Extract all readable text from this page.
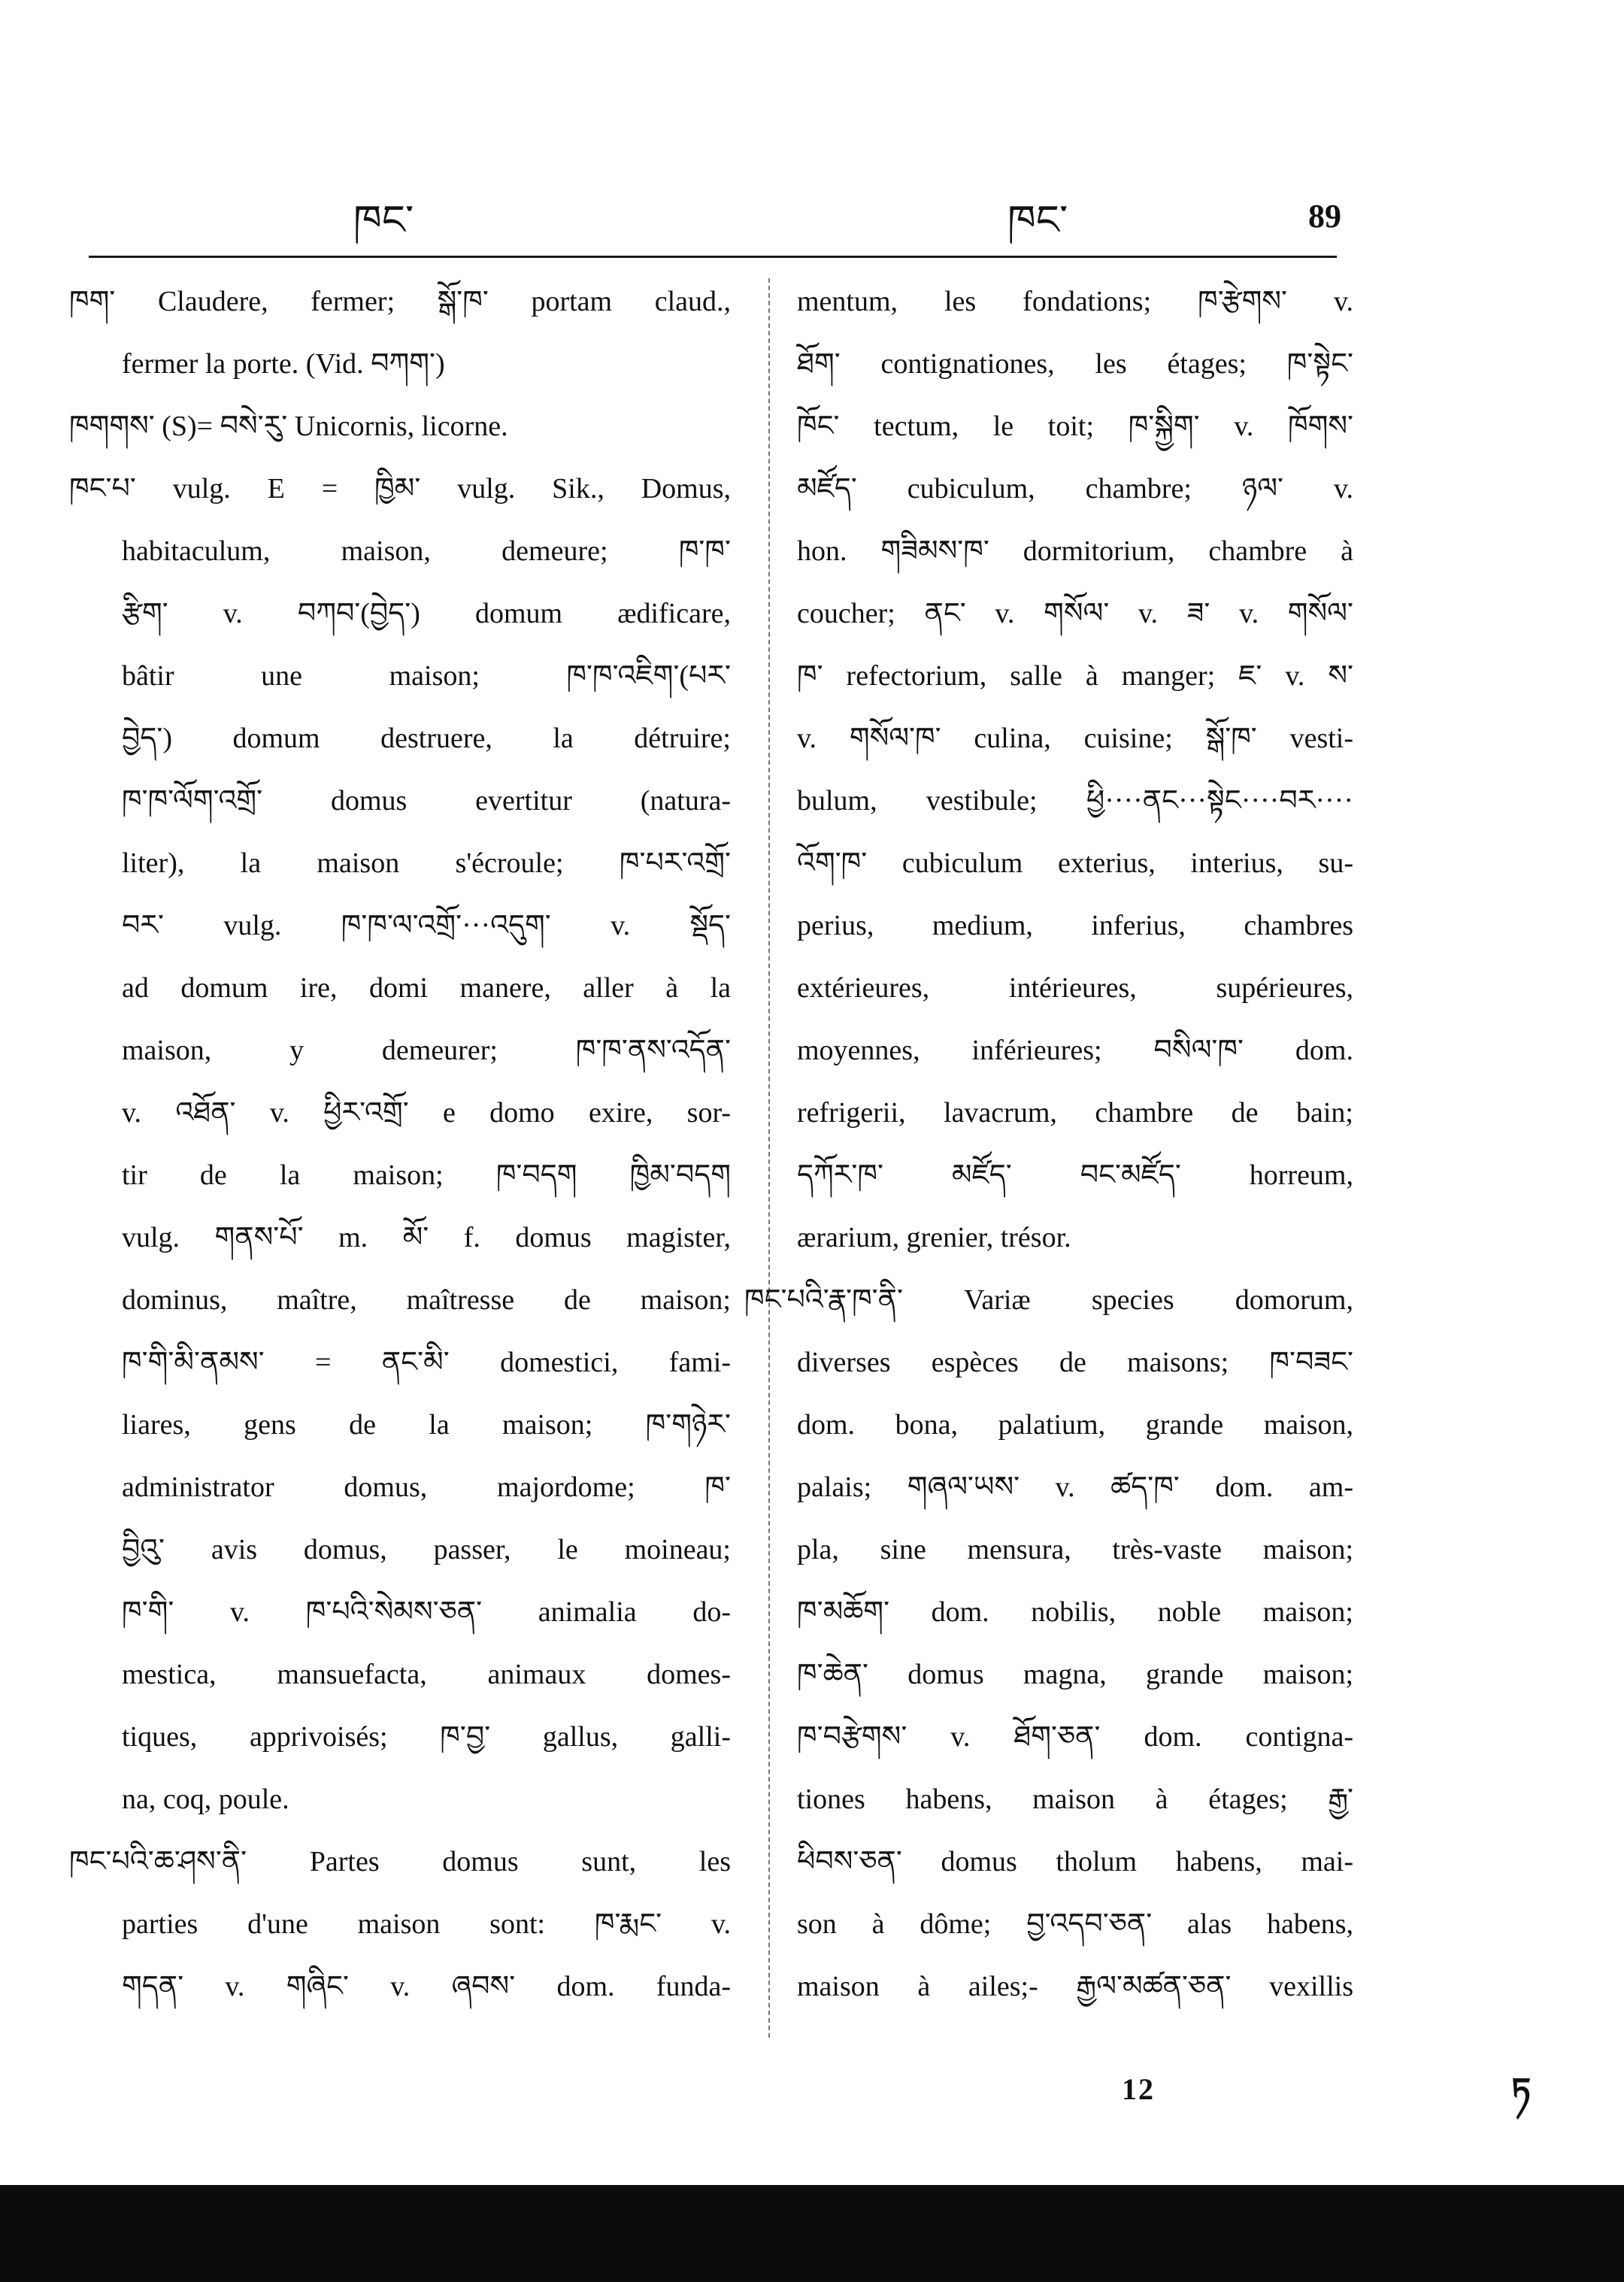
ཁང་	ཁང་	89
ཁག་ Claudere, fermer; སྒོ་ཁ་ portam claud.,
fermer la porte. (Vid. བཀག་)
ཁགགས་ (S)= བསེ་རུ་ Unicornis, licorne.
ཁང་པ་ vulg. E = ཁྱིམ་ vulg. Sik., Domus,
habitaculum, maison, demeure; ཁ་ཁ་
རྩིག་ v. བཀབ་(བྱེད་) domum ædificare,
bâtir une maison; ཁ་ཁ་འཇིག་(པར་
བྱེད་) domum destruere, la détruire;
ཁ་ཁ་ལོག་འགྲོ་ domus evertitur (natura-
liter), la maison s'écroule; ཁ་པར་འགྲོ་
བར་ vulg. ཁ་ཁ་ལ་འགྲོ་···འདུག་ v. སྡོད་
ad domum ire, domi manere, aller à la
maison, y demeurer; ཁ་ཁ་ནས་འདོན་
v. འཐོན་ v. ཕྱིར་འགྲོ་ e domo exire, sor-
tir de la maison; ཁ་བདག ཁྱིམ་བདག
vulg. གནས་པོ་ m. མོ་ f. domus magister,
dominus, maître, maîtresse de maison;
ཁ་གི་མི་ནམས་ = ནང་མི་ domestici, fami-
liares, gens de la maison; ཁ་གཉེར་
administrator domus, majordome; ཁ་
བྱིའུ་ avis domus, passer, le moineau;
ཁ་གི་ v. ཁ་པའི་སེམས་ཅན་ animalia do-
mestica, mansuefacta, animaux domes-
tiques, apprivoisés; ཁ་བྱ་ gallus, galli-
na, coq, poule.
ཁང་པའི་ཆ་ཤས་ནི་ Partes domus sunt, les
parties d'une maison sont: ཁ་རྨང་ v.
གདན་ v. གཞིང་ v. ཞབས་ dom. funda-
mentum, les fondations; ཁ་རྩེགས་ v.
ཐོག་ contignationes, les étages; ཁ་སྟེང་
ཁོང་ tectum, le toit; ཁ་སྐྱིག་ v. ཁོགས་
མཛོད་ cubiculum, chambre; ཉལ་ v.
hon. གཟིམས་ཁ་ dormitorium, chambre à
coucher; ནང་ v. གསོལ་ v. ཟ་ v. གསོལ་
ཁ་ refectorium, salle à manger; ཇ་ v. ས་
v. གསོལ་ཁ་ culina, cuisine; སྒོ་ཁ་ vesti-
bulum, vestibule; ཕྱི····ནང···སྟེང····བར····
འོག་ཁ་ cubiculum exterius, interius, su-
perius, medium, inferius, chambres
extérieures, intérieures, supérieures,
moyennes, inférieures; བསིལ་ཁ་ dom.
refrigerii, lavacrum, chambre de bain;
དཀོར་ཁ་ མཛོད་ བང་མཛོད་ horreum,
ærarium, grenier, trésor.
ཁང་པའི་རྣ་ཁ་ནི་ Variæ species domorum,
diverses espèces de maisons; ཁ་བཟང་
dom. bona, palatium, grande maison,
palais; གཞལ་ཡས་ v. ཚད་ཁ་ dom. am-
pla, sine mensura, très-vaste maison;
ཁ་མཆོག་ dom. nobilis, noble maison;
ཁ་ཆེན་ domus magna, grande maison;
ཁ་བརྩེགས་ v. ཐོག་ཅན་ dom. contigna-
tiones habens, maison à étages; རྒྱ་
ཕིབས་ཅན་ domus tholum habens, mai-
son à dôme; བྱ་འདབ་ཅན་ alas habens,
maison à ailes;- རྒྱལ་མཚན་ཅན་ vexillis
12	ཏ
